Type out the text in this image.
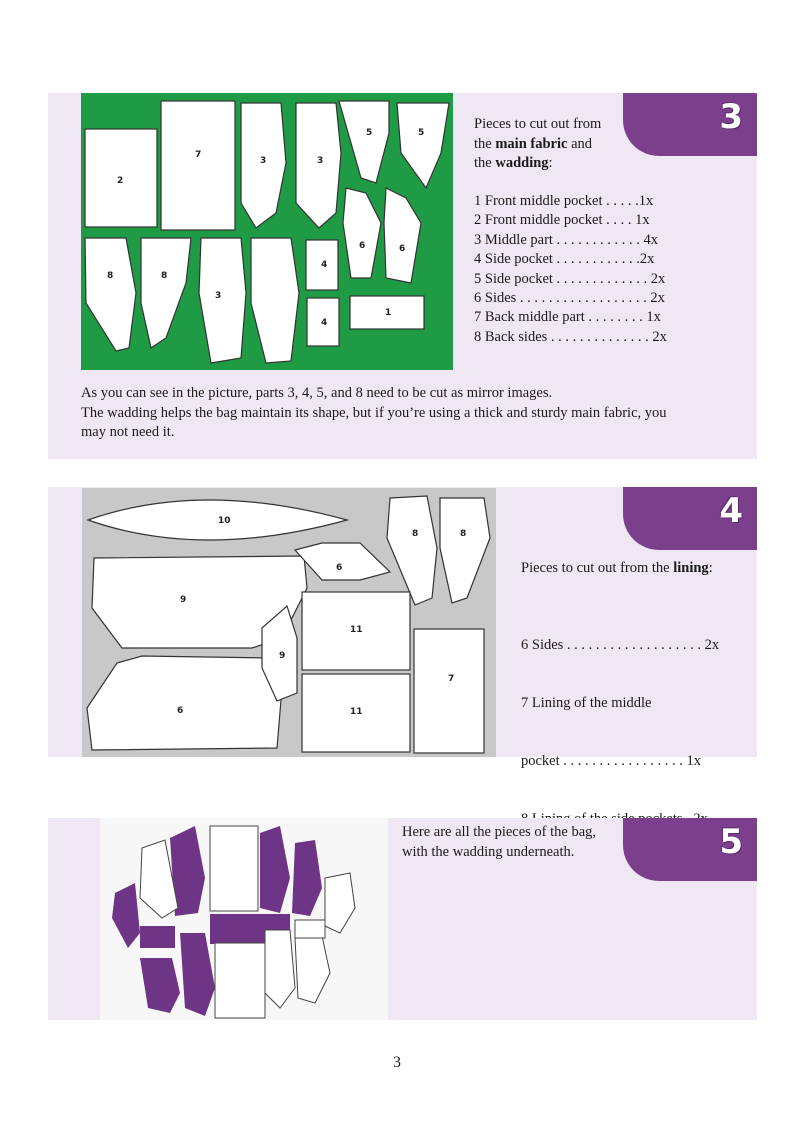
3
2
7
3	3
5	5
6	6
8	8
3
4
4
1
Pieces to cut out from
the main fabric and
the wadding:
1 Front middle pocket . . . . .1x
2 Front middle pocket . . . . 1x
3 Middle part . . . . . . . . . . . . 4x
4 Side pocket . . . . . . . . . . . .2x
5 Side pocket . . . . . . . . . . . . . 2x
6 Sides . . . . . . . . . . . . . . . . . . 2x
7 Back middle part . . . . . . . . 1x
8 Back sides . . . . . . . . . . . . . . 2x
As you can see in the picture, parts 3, 4, 5, and 8 need to be cut as mirror images.
The wadding helps the bag maintain its shape, but if you’re using a thick and sturdy main fabric, you
may not need it.
4
10
9
6
6
9
8	8
11
11
7
Pieces to cut out from the lining:

6 Sides . . . . . . . . . . . . . . . . . . . 2x

7 Lining of the middle

pocket . . . . . . . . . . . . . . . . . 1x

5
Here are all the pieces of the bag,
with the wadding underneath.
3
